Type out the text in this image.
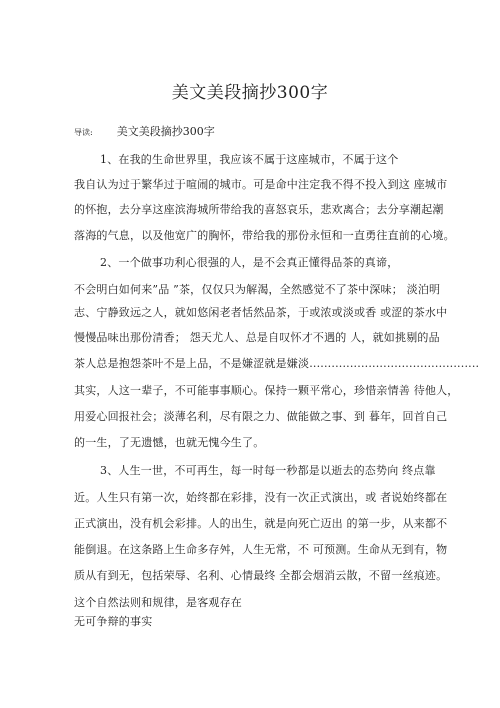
美文美段摘抄300字
导读: 美文美段摘抄300字
1、在我的生命世界里，我应该不属于这座城市，不属于这个
我自认为过于繁华过于喧闹的城市。可是命中注定我不得不投入到这 座城市
的怀抱，去分享这座滨海城所带给我的喜怒哀乐，悲欢离合；去分享潮起潮
落海的气息，以及他宽广的胸怀，带给我的那份永恒和一直勇往直前的心境。
2、一个做事功利心很强的人，是不会真正懂得品茶的真谛，
不会明白如何来”品 ”茶，仅仅只为解渴，全然感觉不了茶中深味； 淡泊明
志、宁静致远之人，就如悠闲老者恬然品茶，于或浓或淡或香 或涩的茶水中
慢慢品味出那份清香； 怨天尤人、总是自叹怀才不遇的 人，就如挑剔的品
茶人总是抱怨茶叶不是上品，不是嫌涩就是嫌淡..............................................
其实，人这一辈子，不可能事事顺心。保持一颗平常心，珍惜亲情善 待他人，
用爱心回报社会；淡薄名利，尽有限之力、做能做之事、到 暮年，回首自己
的一生，了无遗憾，也就无愧今生了。
3、人生一世，不可再生，每一时每一秒都是以逝去的态势向 终点靠
近。人生只有第一次，始终都在彩排，没有一次正式演出，或 者说始终都在
正式演出，没有机会彩排。人的出生，就是向死亡迈出 的第一步，从来都不
能倒退。在这条路上生命多存舛，人生无常，不 可预测。生命从无到有，物
质从有到无，包括荣辱、名利、心情最终 全都会烟消云散，不留一丝痕迹。
这个自然法则和规律，是客观存在
无可争辩的事实
